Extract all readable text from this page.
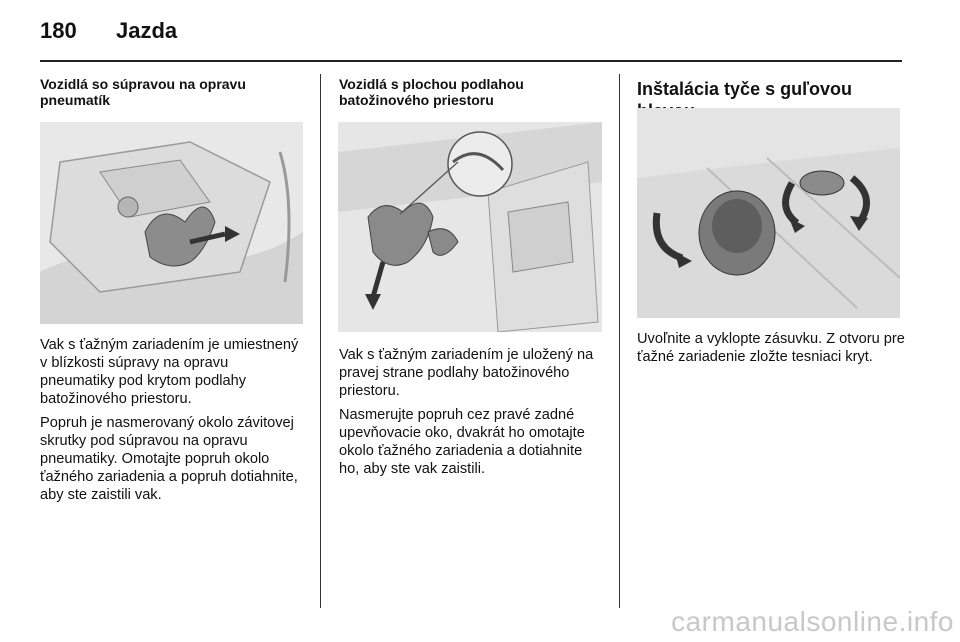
180 Jazda
Vozidlá so súpravou na opravu pneumatík

Vak s ťažným zariadením je umiestnený v blízkosti súpravy na opravu pneumatiky pod krytom podlahy batožinového priestoru.

Popruh je nasmerovaný okolo závitovej skrutky pod súpravou na opravu pneumatiky. Omotajte popruh okolo ťažného zariadenia a popruh dotiahnite, aby ste zaistili vak.

Vozidlá s plochou podlahou batožinového priestoru

Vak s ťažným zariadením je uložený na pravej strane podlahy batožinového priestoru.

Nasmerujte popruh cez pravé zadné upevňovacie oko, dvakrát ho omotajte okolo ťažného zariadenia a dotiahnite ho, aby ste vak zaistili.

Inštalácia tyče s guľovou

Uvoľnite a vyklopte zásuvku. Z otvoru pre ťažné zariadenie zložte tesniaci kryt.

carmanualsonline.info
